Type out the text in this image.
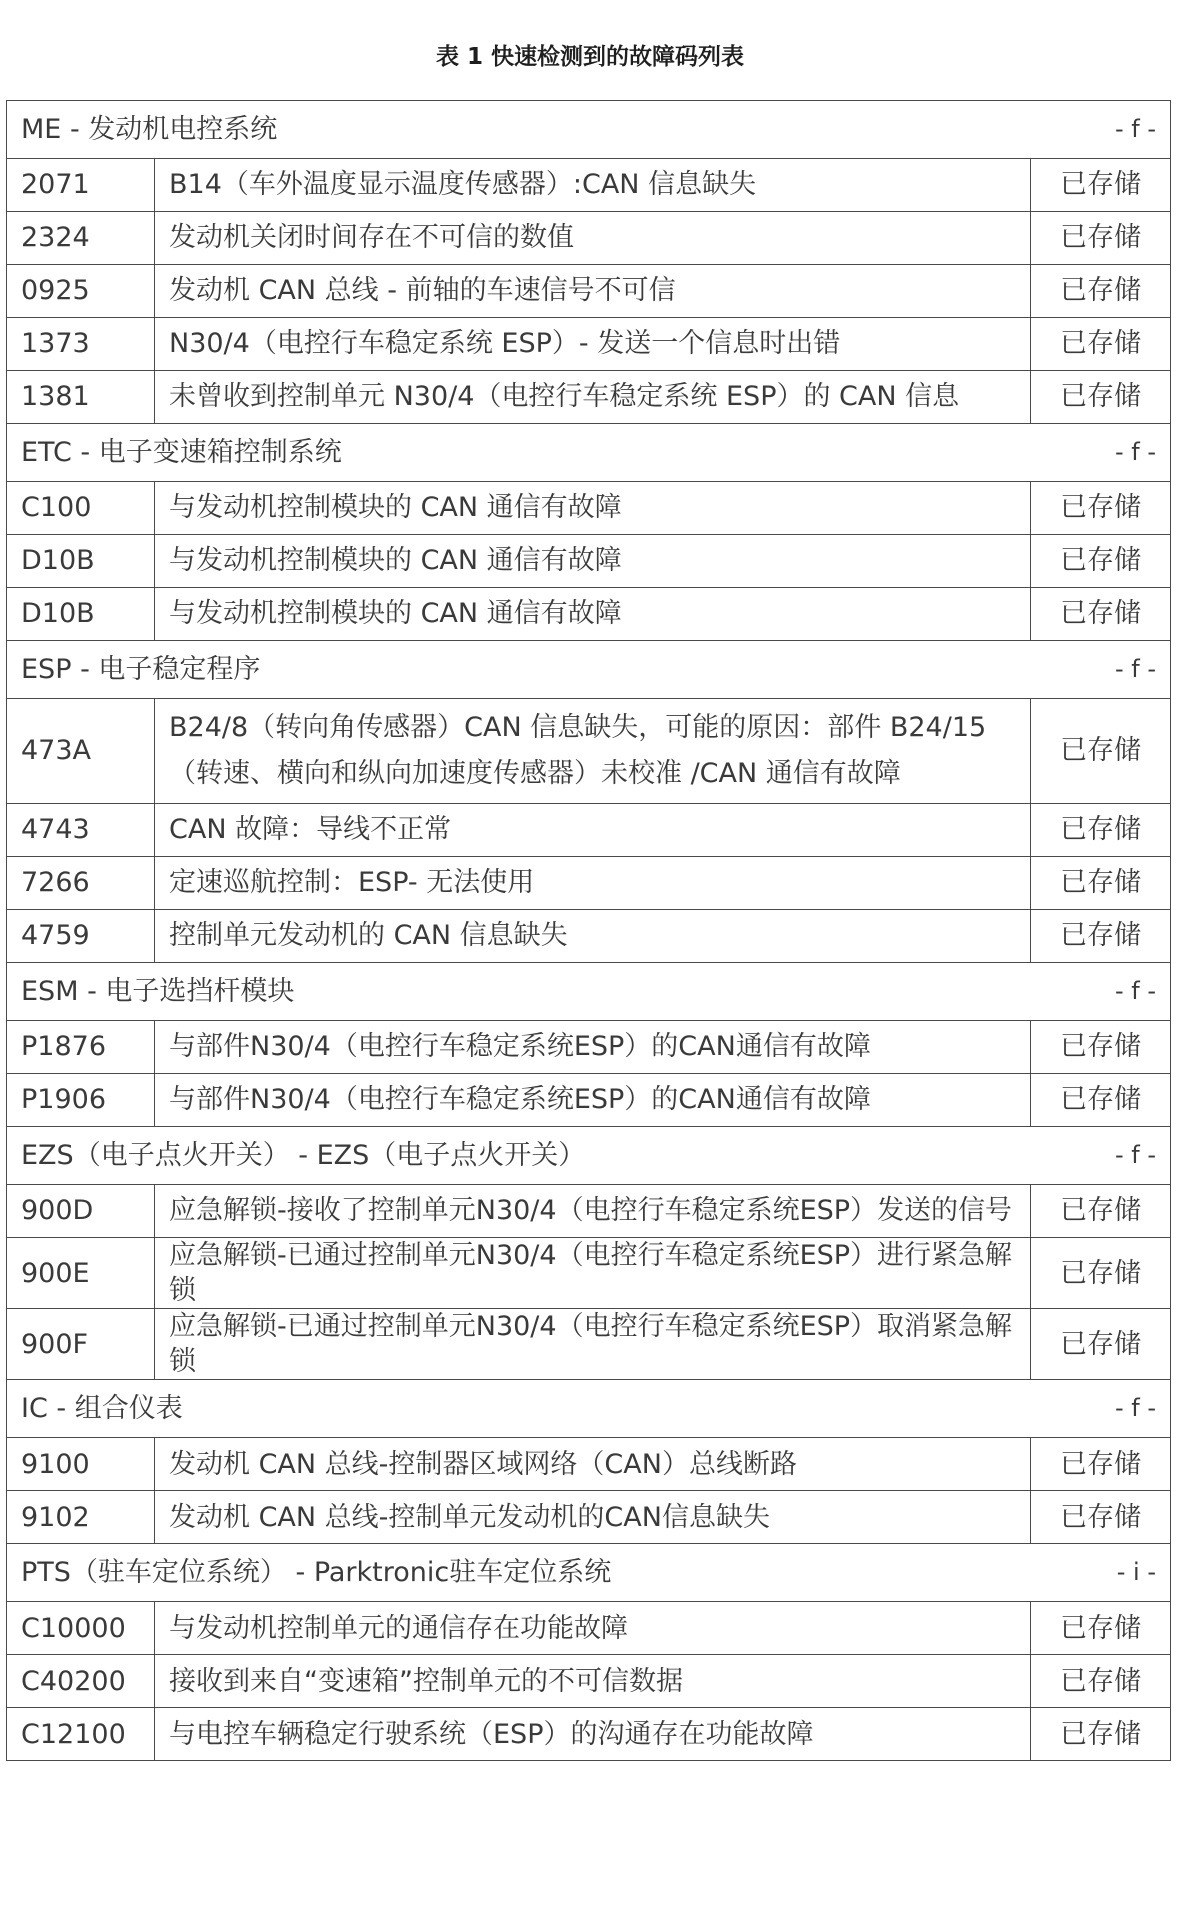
表 1 快速检测到的故障码列表
ME - 发动机电控系统		- f -
2071	B14（车外温度显示温度传感器）:CAN 信息缺失	已存储
2324	发动机关闭时间存在不可信的数值	已存储
0925	发动机 CAN 总线 - 前轴的车速信号不可信	已存储
1373	N30/4（电控行车稳定系统 ESP）- 发送一个信息时出错	已存储
1381	未曾收到控制单元 N30/4（电控行车稳定系统 ESP）的 CAN 信息	已存储
ETC - 电子变速箱控制系统		- f -
C100	与发动机控制模块的 CAN 通信有故障	已存储
D10B	与发动机控制模块的 CAN 通信有故障	已存储
D10B	与发动机控制模块的 CAN 通信有故障	已存储
ESP - 电子稳定程序		- f -
473A	B24/8（转向角传感器）CAN 信息缺失，可能的原因：部件 B24/15（转速、横向和纵向加速度传感器）未校准 /CAN 通信有故障	已存储
4743	CAN 故障：导线不正常	已存储
7266	定速巡航控制：ESP- 无法使用	已存储
4759	控制单元发动机的 CAN 信息缺失	已存储
ESM - 电子选挡杆模块		- f -
P1876	与部件N30/4（电控行车稳定系统ESP）的CAN通信有故障	已存储
P1906	与部件N30/4（电控行车稳定系统ESP）的CAN通信有故障	已存储
EZS（电子点火开关） - EZS（电子点火开关）		- f -
900D	应急解锁-接收了控制单元N30/4（电控行车稳定系统ESP）发送的信号	已存储
900E	应急解锁-已通过控制单元N30/4（电控行车稳定系统ESP）进行紧急解锁	已存储
900F	应急解锁-已通过控制单元N30/4（电控行车稳定系统ESP）取消紧急解锁	已存储
IC - 组合仪表		- f -
9100	发动机 CAN 总线-控制器区域网络（CAN）总线断路	已存储
9102	发动机 CAN 总线-控制单元发动机的CAN信息缺失	已存储
PTS（驻车定位系统） - Parktronic驻车定位系统		- i -
C10000	与发动机控制单元的通信存在功能故障	已存储
C40200	接收到来自“变速箱”控制单元的不可信数据	已存储
C12100	与电控车辆稳定行驶系统（ESP）的沟通存在功能故障	已存储
